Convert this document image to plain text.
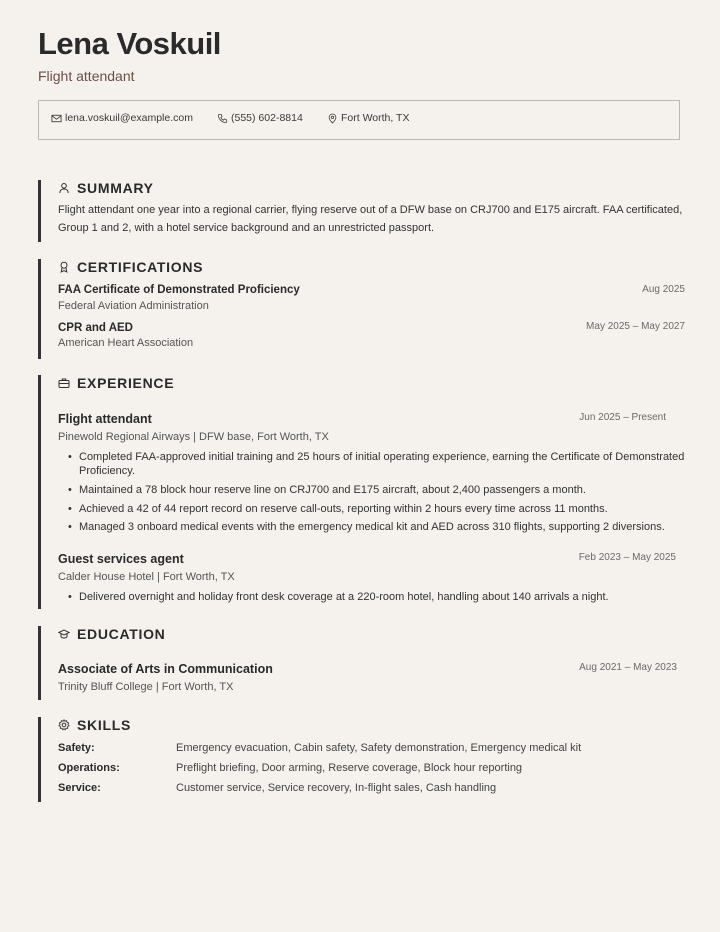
Lena Voskuil
Flight attendant
lena.voskuil@example.com	(555) 602-8814	Fort Worth, TX
SUMMARY
Flight attendant one year into a regional carrier, flying reserve out of a DFW base on CRJ700 and E175 aircraft. FAA certificated, Group 1 and 2, with a hotel service background and an unrestricted passport.
CERTIFICATIONS
FAA Certificate of Demonstrated Proficiency	Aug 2025
Federal Aviation Administration
CPR and AED	May 2025 – May 2027
American Heart Association
EXPERIENCE
Flight attendant	Jun 2025 – Present
Pinewold Regional Airways | DFW base, Fort Worth, TX
• Completed FAA-approved initial training and 25 hours of initial operating experience, earning the Certificate of Demonstrated Proficiency.
• Maintained a 78 block hour reserve line on CRJ700 and E175 aircraft, about 2,400 passengers a month.
• Achieved a 42 of 44 report record on reserve call-outs, reporting within 2 hours every time across 11 months.
• Managed 3 onboard medical events with the emergency medical kit and AED across 310 flights, supporting 2 diversions.
Guest services agent	Feb 2023 – May 2025
Calder House Hotel | Fort Worth, TX
• Delivered overnight and holiday front desk coverage at a 220-room hotel, handling about 140 arrivals a night.
EDUCATION
Associate of Arts in Communication	Aug 2021 – May 2023
Trinity Bluff College | Fort Worth, TX
SKILLS
Safety:	Emergency evacuation, Cabin safety, Safety demonstration, Emergency medical kit
Operations:	Preflight briefing, Door arming, Reserve coverage, Block hour reporting
Service:	Customer service, Service recovery, In-flight sales, Cash handling
